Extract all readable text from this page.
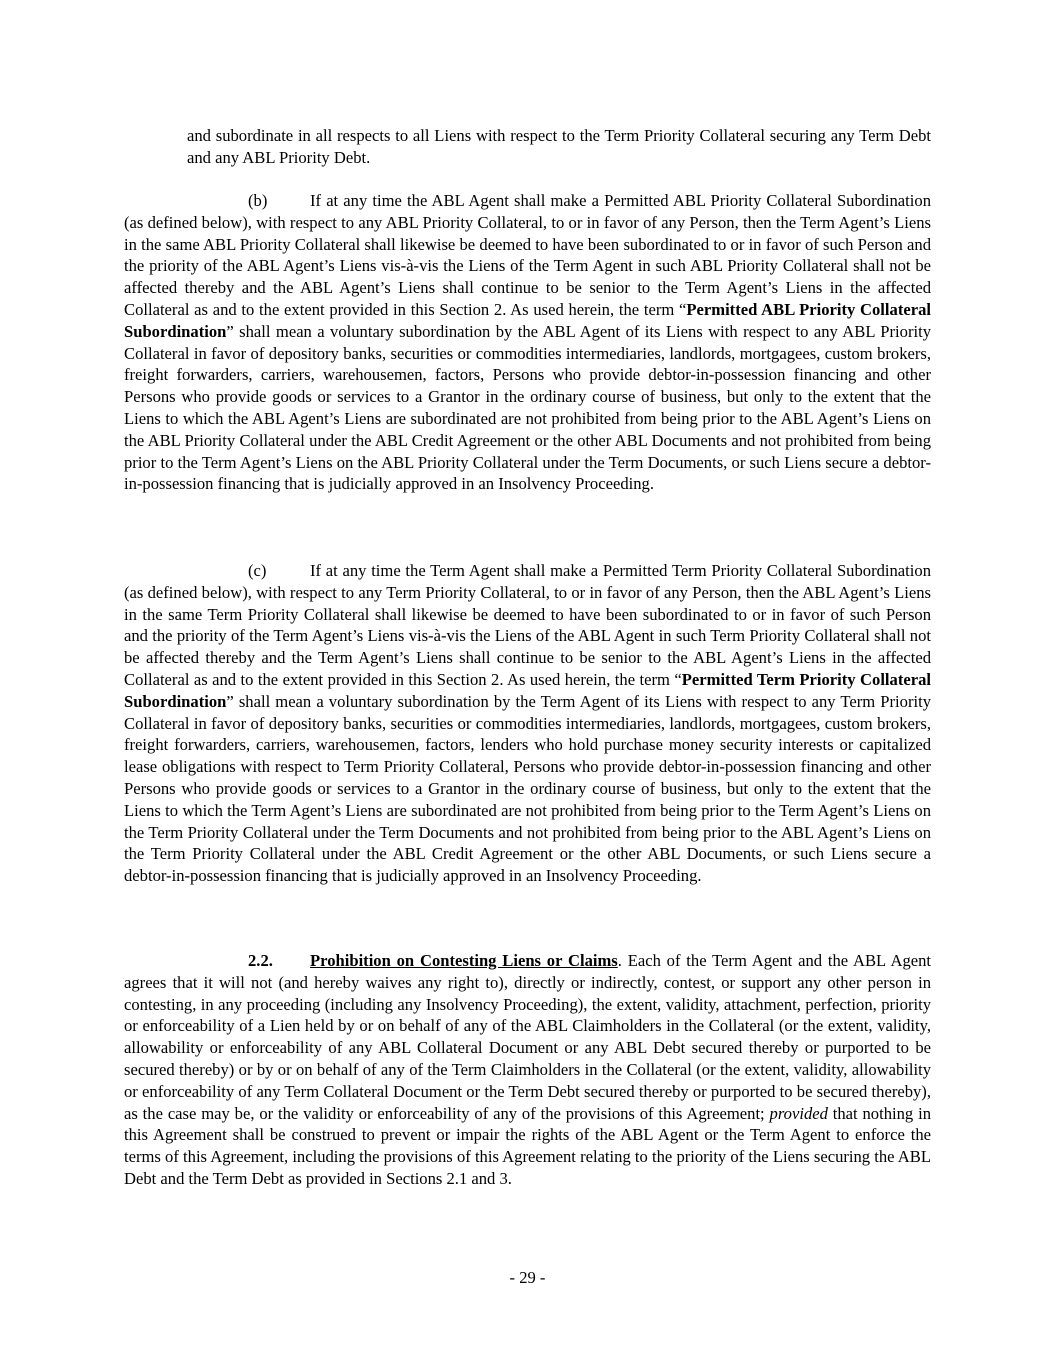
and subordinate in all respects to all Liens with respect to the Term Priority Collateral securing any Term Debt and any ABL Priority Debt.

(b)	If at any time the ABL Agent shall make a Permitted ABL Priority Collateral Subordination (as defined below), with respect to any ABL Priority Collateral, to or in favor of any Person, then the Term Agent’s Liens in the same ABL Priority Collateral shall likewise be deemed to have been subordinated to or in favor of such Person and the priority of the ABL Agent’s Liens vis-à-vis the Liens of the Term Agent in such ABL Priority Collateral shall not be affected thereby and the ABL Agent’s Liens shall continue to be senior to the Term Agent’s Liens in the affected Collateral as and to the extent provided in this Section 2. As used herein, the term “Permitted ABL Priority Collateral Subordination” shall mean a voluntary subordination by the ABL Agent of its Liens with respect to any ABL Priority Collateral in favor of depository banks, securities or commodities intermediaries, landlords, mortgagees, custom brokers, freight forwarders, carriers, warehousemen, factors, Persons who provide debtor-in-possession financing and other Persons who provide goods or services to a Grantor in the ordinary course of business, but only to the extent that the Liens to which the ABL Agent’s Liens are subordinated are not prohibited from being prior to the ABL Agent’s Liens on the ABL Priority Collateral under the ABL Credit Agreement or the other ABL Documents and not prohibited from being prior to the Term Agent’s Liens on the ABL Priority Collateral under the Term Documents, or such Liens secure a debtor-in-possession financing that is judicially approved in an Insolvency Proceeding.

(c)	If at any time the Term Agent shall make a Permitted Term Priority Collateral Subordination (as defined below), with respect to any Term Priority Collateral, to or in favor of any Person, then the ABL Agent’s Liens in the same Term Priority Collateral shall likewise be deemed to have been subordinated to or in favor of such Person and the priority of the Term Agent’s Liens vis-à-vis the Liens of the ABL Agent in such Term Priority Collateral shall not be affected thereby and the Term Agent’s Liens shall continue to be senior to the ABL Agent’s Liens in the affected Collateral as and to the extent provided in this Section 2. As used herein, the term “Permitted Term Priority Collateral Subordination” shall mean a voluntary subordination by the Term Agent of its Liens with respect to any Term Priority Collateral in favor of depository banks, securities or commodities intermediaries, landlords, mortgagees, custom brokers, freight forwarders, carriers, warehousemen, factors, lenders who hold purchase money security interests or capitalized lease obligations with respect to Term Priority Collateral, Persons who provide debtor-in-possession financing and other Persons who provide goods or services to a Grantor in the ordinary course of business, but only to the extent that the Liens to which the Term Agent’s Liens are subordinated are not prohibited from being prior to the Term Agent’s Liens on the Term Priority Collateral under the Term Documents and not prohibited from being prior to the ABL Agent’s Liens on the Term Priority Collateral under the ABL Credit Agreement or the other ABL Documents, or such Liens secure a debtor-in-possession financing that is judicially approved in an Insolvency Proceeding.

2.2. Prohibition on Contesting Liens or Claims. Each of the Term Agent and the ABL Agent agrees that it will not (and hereby waives any right to), directly or indirectly, contest, or support any other person in contesting, in any proceeding (including any Insolvency Proceeding), the extent, validity, attachment, perfection, priority or enforceability of a Lien held by or on behalf of any of the ABL Claimholders in the Collateral (or the extent, validity, allowability or enforceability of any ABL Collateral Document or any ABL Debt secured thereby or purported to be secured thereby) or by or on behalf of any of the Term Claimholders in the Collateral (or the extent, validity, allowability or enforceability of any Term Collateral Document or the Term Debt secured thereby or purported to be secured thereby), as the case may be, or the validity or enforceability of any of the provisions of this Agreement; provided that nothing in this Agreement shall be construed to prevent or impair the rights of the ABL Agent or the Term Agent to enforce the terms of this Agreement, including the provisions of this Agreement relating to the priority of the Liens securing the ABL Debt and the Term Debt as provided in Sections 2.1 and 3.

- 29 -
